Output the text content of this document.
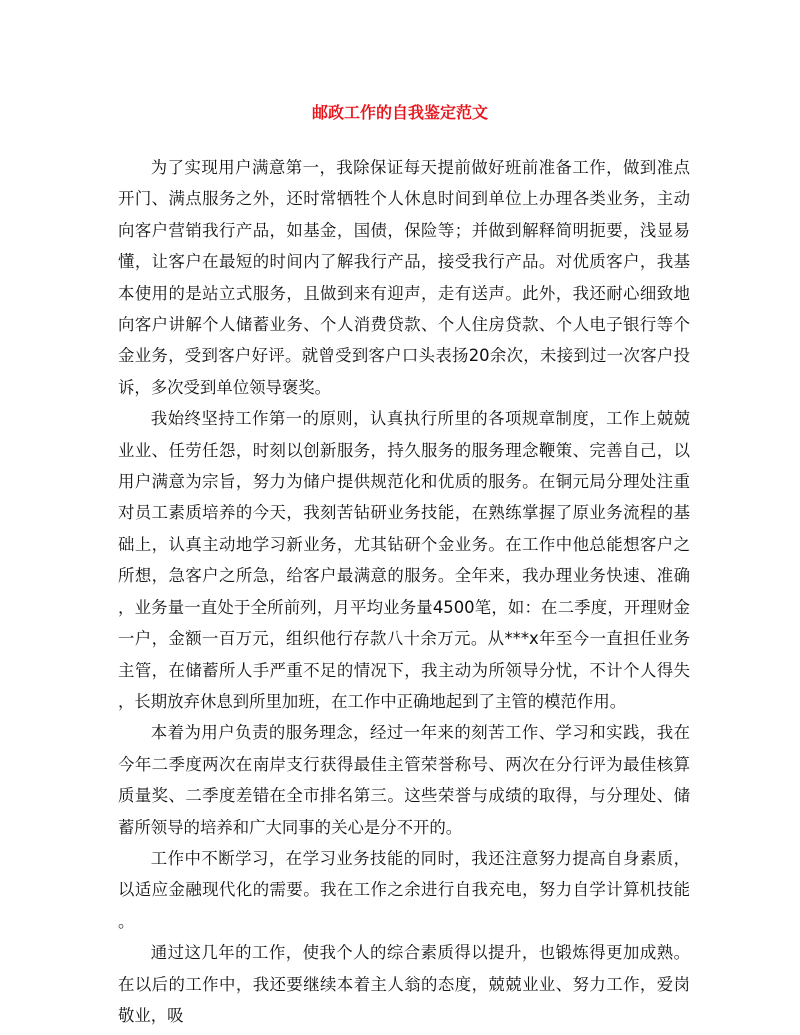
邮政工作的自我鉴定范文

为了实现用户满意第一，我除保证每天提前做好班前准备工作，做到准点开门、满点服务之外，还时常牺牲个人休息时间到单位上办理各类业务，主动向客户营销我行产品，如基金，国债，保险等；并做到解释简明扼要，浅显易懂，让客户在最短的时间内了解我行产品，接受我行产品。对优质客户，我基本使用的是站立式服务，且做到来有迎声，走有送声。此外，我还耐心细致地向客户讲解个人储蓄业务、个人消费贷款、个人住房贷款、个人电子银行等个金业务，受到客户好评。就曾受到客户口头表扬20余次，未接到过一次客户投诉，多次受到单位领导褒奖。

我始终坚持工作第一的原则，认真执行所里的各项规章制度，工作上兢兢业业、任劳任怨，时刻以创新服务，持久服务的服务理念鞭策、完善自己，以用户满意为宗旨，努力为储户提供规范化和优质的服务。在铜元局分理处注重对员工素质培养的今天，我刻苦钻研业务技能，在熟练掌握了原业务流程的基础上，认真主动地学习新业务，尤其钻研个金业务。在工作中他总能想客户之所想，急客户之所急，给客户最满意的服务。全年来，我办理业务快速、准确，业务量一直处于全所前列，月平均业务量4500笔，如：在二季度，开理财金一户，金额一百万元，组织他行存款八十余万元。从***x年至今一直担任业务主管，在储蓄所人手严重不足的情况下，我主动为所领导分忧，不计个人得失，长期放弃休息到所里加班，在工作中正确地起到了主管的模范作用。

本着为用户负责的服务理念，经过一年来的刻苦工作、学习和实践，我在今年二季度两次在南岸支行获得最佳主管荣誉称号、两次在分行评为最佳核算质量奖、二季度差错在全市排名第三。这些荣誉与成绩的取得，与分理处、储蓄所领导的培养和广大同事的关心是分不开的。

工作中不断学习，在学习业务技能的同时，我还注意努力提高自身素质，以适应金融现代化的需要。我在工作之余进行自我充电，努力自学计算机技能。

通过这几年的工作，使我个人的综合素质得以提升，也锻炼得更加成熟。在以后的工作中，我还要继续本着主人翁的态度，兢兢业业、努力工作，爱岗敬业，吸
